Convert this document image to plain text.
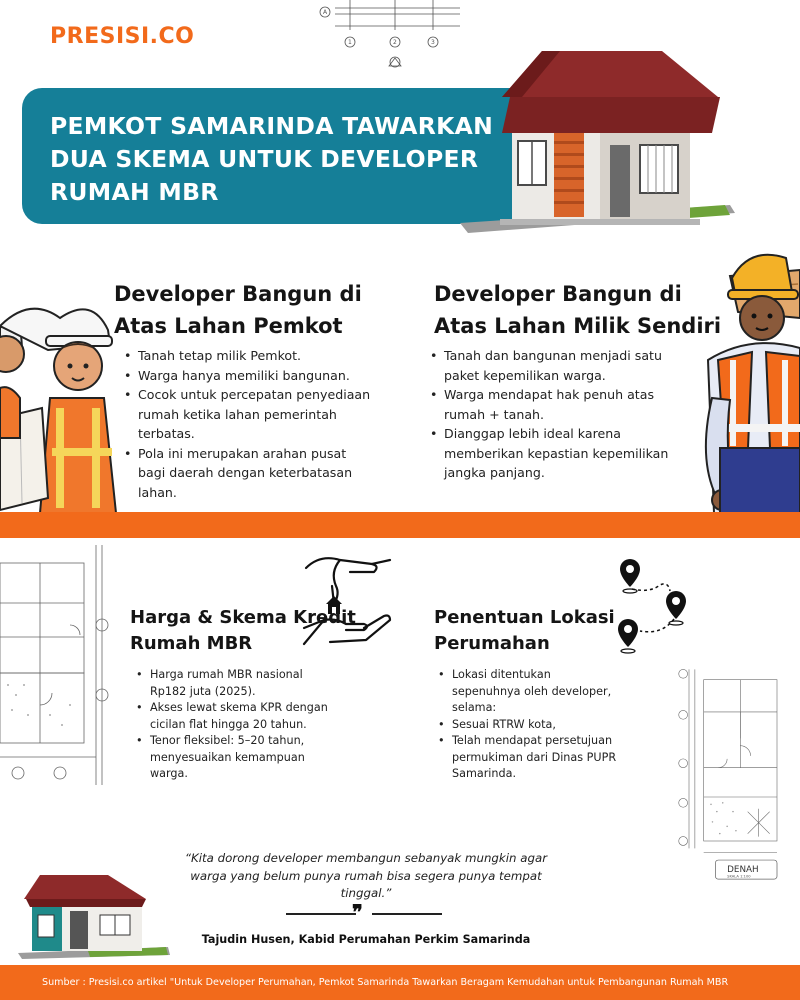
PRESISI.CO
A
1	2	3
PEMKOT SAMARINDA TAWARKAN
DUA SKEMA UNTUK DEVELOPER
RUMAH MBR
Developer Bangun di
Atas Lahan Pemkot
• Tanah tetap milik Pemkot.
• Warga hanya memiliki bangunan.
• Cocok untuk percepatan penyediaan rumah ketika lahan pemerintah terbatas.
• Pola ini merupakan arahan pusat bagi daerah dengan keterbatasan lahan.
Developer Bangun di
Atas Lahan Milik Sendiri
• Tanah dan bangunan menjadi satu paket kepemilikan warga.
• Warga mendapat hak penuh atas rumah + tanah.
• Dianggap lebih ideal karena memberikan kepastian kepemilikan jangka panjang.
Harga & Skema Kredit
Rumah MBR
• Harga rumah MBR nasional Rp182 juta (2025).
• Akses lewat skema KPR dengan cicilan flat hingga 20 tahun.
• Tenor fleksibel: 5–20 tahun, menyesuaikan kemampuan warga.
Penentuan Lokasi
Perumahan
• Lokasi ditentukan sepenuhnya oleh developer, selama:
• Sesuai RTRW kota,
• Telah mendapat persetujuan permukiman dari Dinas PUPR Samarinda.
DENAH
SKALA 1:100

“Kita dorong developer membangun sebanyak mungkin agar warga yang belum punya rumah bisa segera punya tempat tinggal.”

❞

Tajudin Husen, Kabid Perumahan Perkim Samarinda

Sumber : Presisi.co artikel "Untuk Developer Perumahan, Pemkot Samarinda Tawarkan Beragam Kemudahan untuk Pembangunan Rumah MBR
